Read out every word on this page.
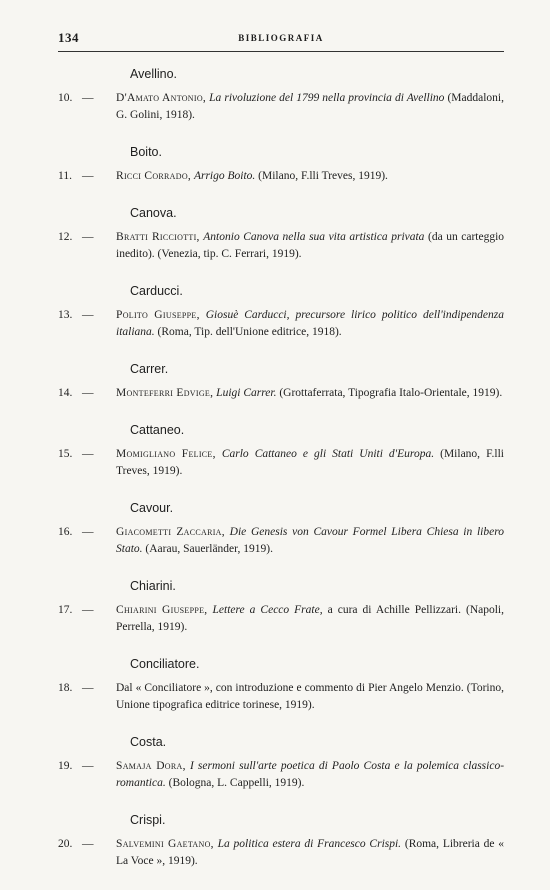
134	BIBLIOGRAFIA
Avellino.
10. — D'Amato Antonio, La rivoluzione del 1799 nella provincia di Avellino (Maddaloni, G. Golini, 1918).
Boito.
11. — Ricci Corrado, Arrigo Boito. (Milano, F.lli Treves, 1919).
Canova.
12. — Bratti Ricciotti, Antonio Canova nella sua vita artistica privata (da un carteggio inedito). (Venezia, tip. C. Ferrari, 1919).
Carducci.
13. — Polito Giuseppe, Giosuè Carducci, precursore lirico politico dell'indipendenza italiana. (Roma, Tip. dell'Unione editrice, 1918).
Carrer.
14. — Monteferri Edvige, Luigi Carrer. (Grottaferrata, Tipografia Italo-Orientale, 1919).
Cattaneo.
15. — Momigliano Felice, Carlo Cattaneo e gli Stati Uniti d'Europa. (Milano, F.lli Treves, 1919).
Cavour.
16. — Giacometti Zaccaria, Die Genesis von Cavour Formel Libera Chiesa in libero Stato. (Aarau, Sauerländer, 1919).
Chiarini.
17. — Chiarini Giuseppe, Lettere a Cecco Frate, a cura di Achille Pellizzari. (Napoli, Perrella, 1919).
Conciliatore.
18. — Dal « Conciliatore », con introduzione e commento di Pier Angelo Menzio. (Torino, Unione tipografica editrice torinese, 1919).
Costa.
19. — Samaja Dora, I sermoni sull'arte poetica di Paolo Costa e la polemica classico-romantica. (Bologna, L. Cappelli, 1919).
Crispi.
20. — Salvemini Gaetano, La politica estera di Francesco Crispi. (Roma, Libreria de « La Voce », 1919).
